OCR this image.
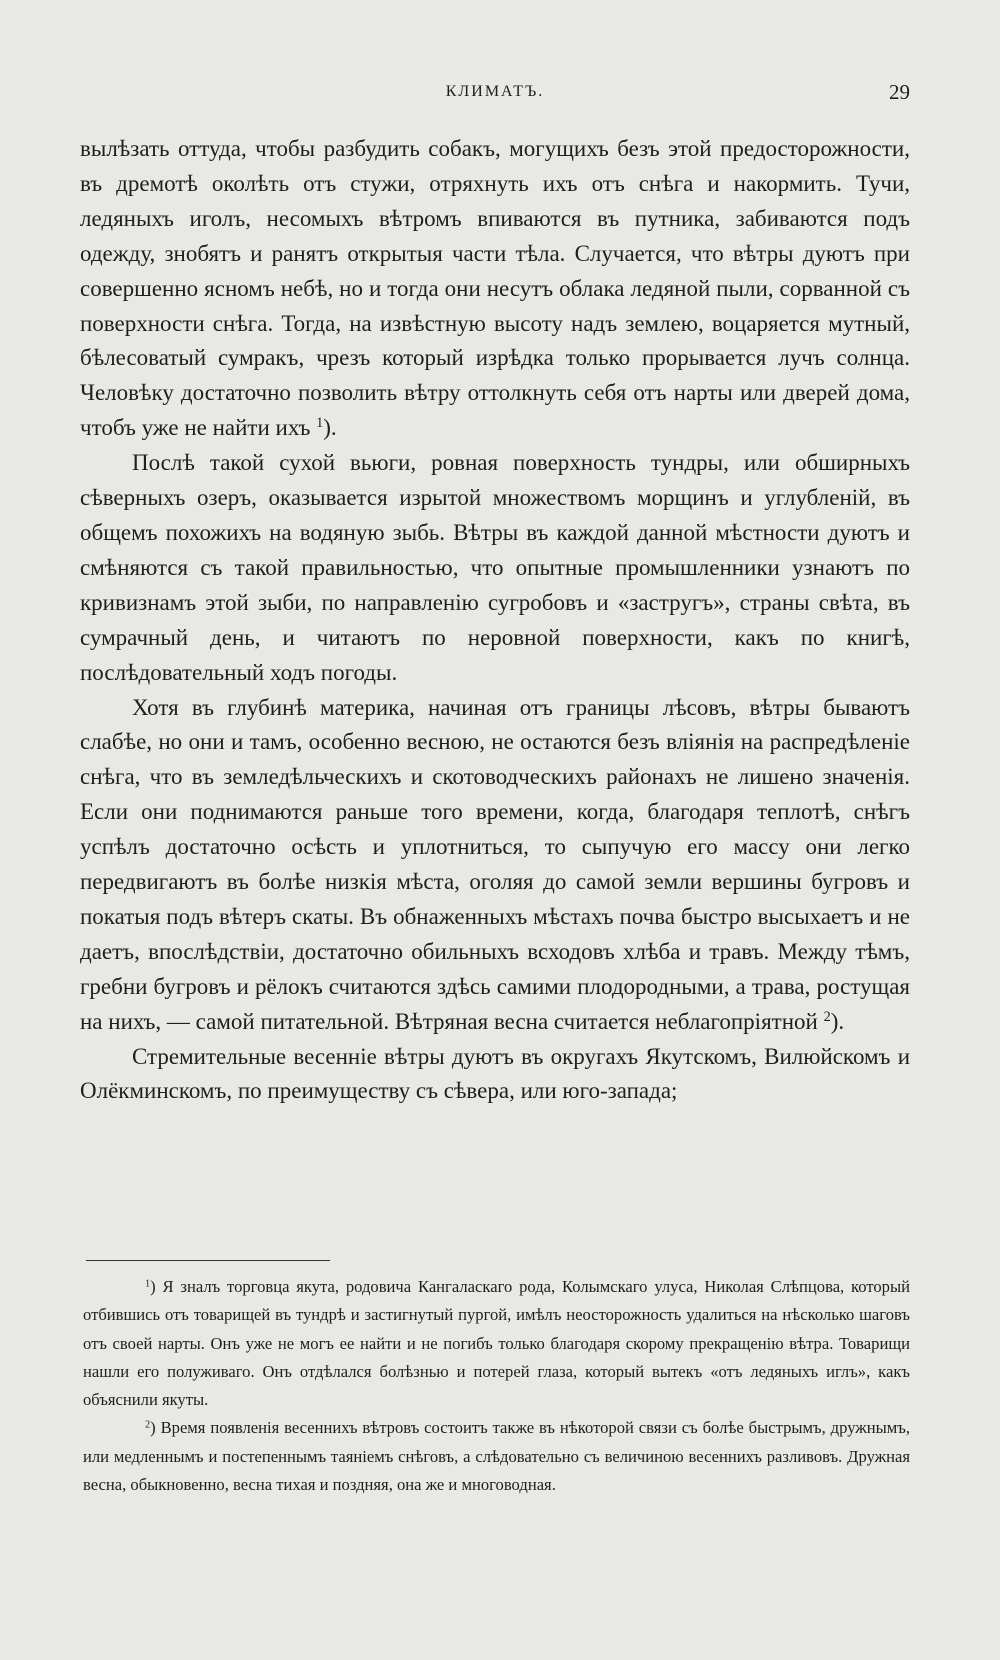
КЛИМАТЪ.	29

вылѣзать оттуда, чтобы разбудить собакъ, могущихъ безъ этой предосторожности, въ дремотѣ околѣть отъ стужи, отряхнуть ихъ отъ снѣга и накормить. Тучи, ледяныхъ иголъ, несомыхъ вѣтромъ впиваются въ путника, забиваются подъ одежду, знобятъ и ранятъ открытыя части тѣла. Случается, что вѣтры дуютъ при совершенно ясномъ небѣ, но и тогда они несутъ облака ледяной пыли, сорванной съ поверхности снѣга. Тогда, на извѣстную высоту надъ землею, воцаряется мутный, бѣлесоватый сумракъ, чрезъ который изрѣдка только прорывается лучъ солнца. Человѣку достаточно позволить вѣтру оттолкнуть себя отъ нарты или дверей дома, чтобъ уже не найти ихъ $^1$).

Послѣ такой сухой вьюги, ровная поверхность тундры, или обширныхъ сѣверныхъ озеръ, оказывается изрытой множествомъ морщинъ и углубленій, въ общемъ похожихъ на водяную зыбь. Вѣтры въ каждой данной мѣстности дуютъ и смѣняются съ такой правильностью, что опытные промышленники узнаютъ по кривизнамъ этой зыби, по направленію сугробовъ и «застругъ», страны свѣта, въ сумрачный день, и читаютъ по неровной поверхности, какъ по книгѣ, послѣдовательный ходъ погоды.

Хотя въ глубинѣ материка, начиная отъ границы лѣсовъ, вѣтры бываютъ слабѣе, но они и тамъ, особенно весною, не остаются безъ вліянія на распредѣленіе снѣга, что въ земледѣльческихъ и скотоводческихъ районахъ не лишено значенія. Если они поднимаются раньше того времени, когда, благодаря теплотѣ, снѣгъ успѣлъ достаточно осѣсть и уплотниться, то сыпучую его массу они легко передвигаютъ въ болѣе низкія мѣста, оголяя до самой земли вершины бугровъ и покатыя подъ вѣтеръ скаты. Въ обнаженныхъ мѣстахъ почва быстро высыхаетъ и не даетъ, впослѣдствіи, достаточно обильныхъ всходовъ хлѣба и травъ. Между тѣмъ, гребни бугровъ и рёлокъ считаются здѣсь самими плодородными, а трава, ростущая на нихъ, — самой питательной. Вѣтряная весна считается неблагопріятной $^2$).

Стремительные весенніе вѣтры дуютъ въ округахъ Якутскомъ, Вилюйскомъ и Олёкминскомъ, по преимуществу съ сѣвера, или юго-запада;

$^1$) Я зналъ торговца якута, родовича Кангаласкаго рода, Колымскаго улуса, Николая Слѣпцова, который отбившись отъ товарищей въ тундрѣ и застигнутый пургой, имѣлъ неосторожность удалиться на нѣсколько шаговъ отъ своей нарты. Онъ уже не могъ ее найти и не погибъ только благодаря скорому прекращенію вѣтра. Товарищи нашли его полуживаго. Онъ отдѣлался болѣзнью и потерей глаза, который вытекъ «отъ ледяныхъ иглъ», какъ объяснили якуты.

$^2$) Время появленія весеннихъ вѣтровъ состоитъ также въ нѣкоторой связи съ болѣе быстрымъ, дружнымъ, или медленнымъ и постепеннымъ таяніемъ снѣговъ, а слѣдовательно съ величиною весеннихъ разливовъ. Дружная весна, обыкновенно, весна тихая и поздняя, она же и многоводная.
